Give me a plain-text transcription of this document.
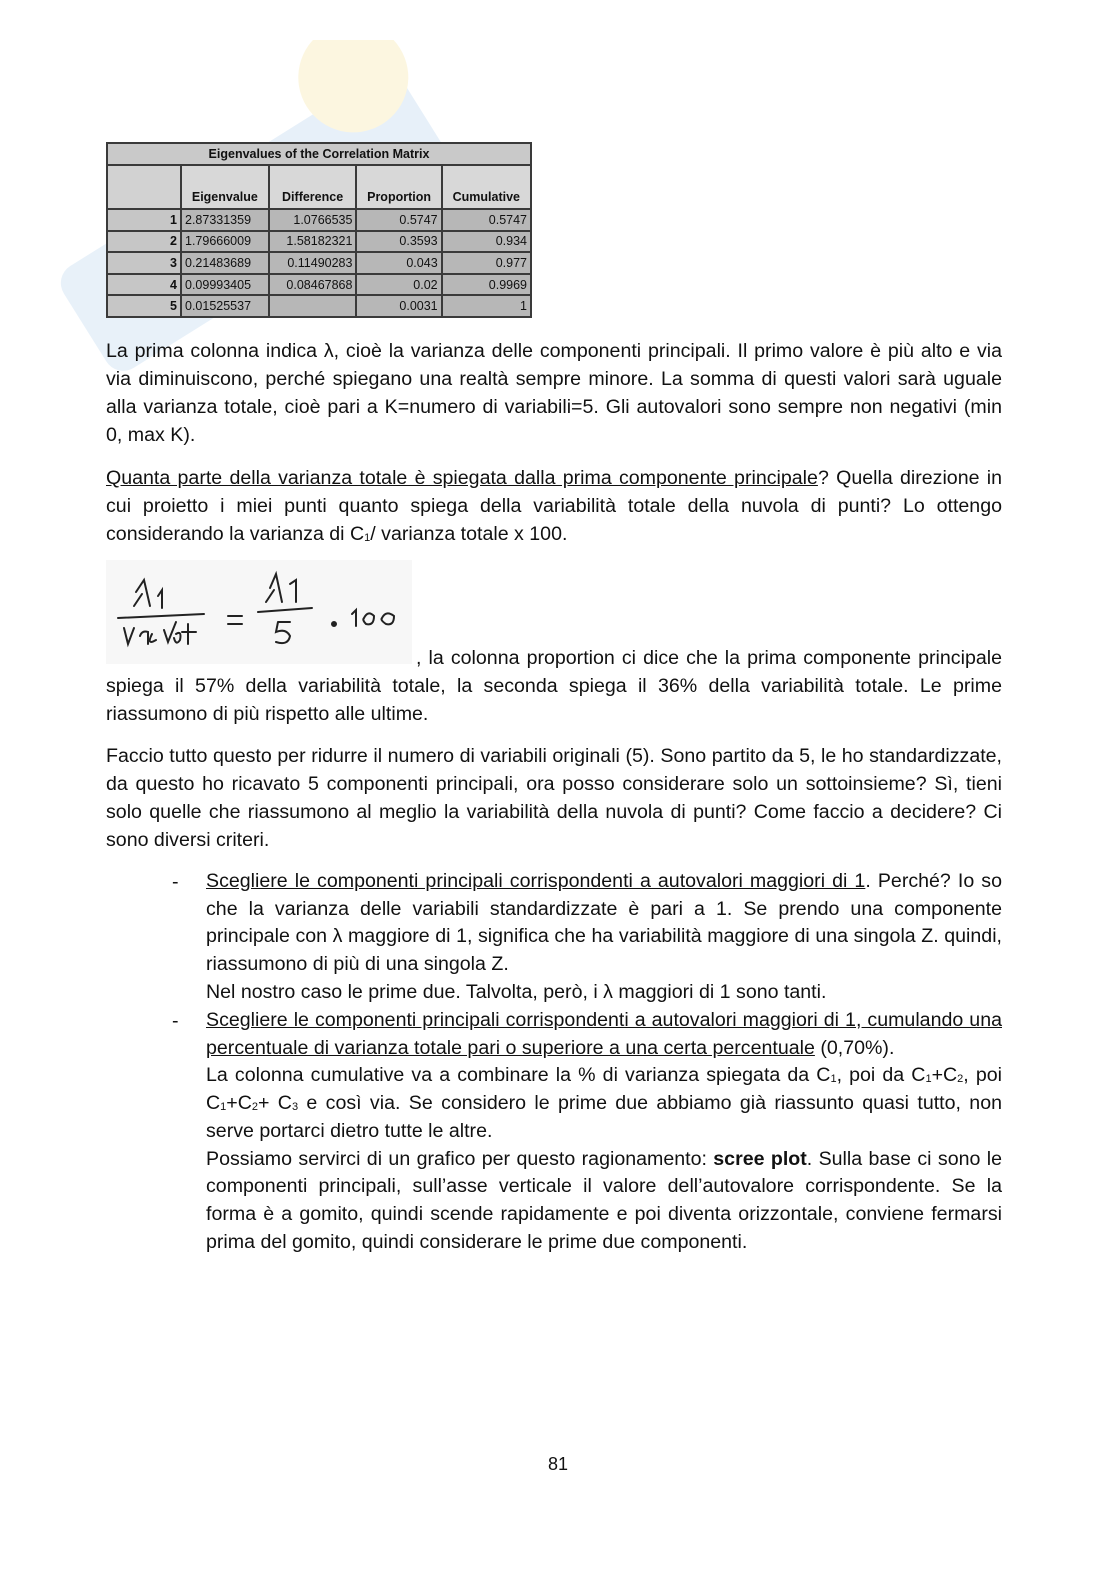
Eigenvalues of the Correlation Matrix				
	Eigenvalue	Difference	Proportion	Cumulative
1	2.87331359	1.0766535	0.5747	0.5747
2	1.79666009	1.58182321	0.3593	0.934
3	0.21483689	0.11490283	0.043	0.977
4	0.09993405	0.08467868	0.02	0.9969
5	0.01525537		0.0031	1

La prima colonna indica λ, cioè la varianza delle componenti principali. Il primo valore è più alto e via via diminuiscono, perché spiegano una realtà sempre minore. La somma di questi valori sarà uguale alla varianza totale, cioè pari a K=numero di variabili=5. Gli autovalori sono sempre non negativi (min 0, max K).

Quanta parte della varianza totale è spiegata dalla prima componente principale? Quella direzione in cui proietto i miei punti quanto spiega della variabilità totale della nuvola di punti? Lo ottengo considerando la varianza di $C_1/$ varianza totale x 100.

, la colonna proportion ci dice che la prima componente principale spiega il 57% della variabilità totale, la seconda spiega il 36% della variabilità totale. Le prime riassumono di più rispetto alle ultime.

Faccio tutto questo per ridurre il numero di variabili originali (5). Sono partito da 5, le ho standardizzate, da questo ho ricavato 5 componenti principali, ora posso considerare solo un sottoinsieme? Sì, tieni solo quelle che riassumono al meglio la variabilità della nuvola di punti? Come faccio a decidere? Ci sono diversi criteri.

- Scegliere le componenti principali corrispondenti a autovalori maggiori di 1. Perché? Io so che la varianza delle variabili standardizzate è pari a 1. Se prendo una componente principale con λ maggiore di 1, significa che ha variabilità maggiore di una singola Z. quindi, riassumono di più di una singola Z.
Nel nostro caso le prime due. Talvolta, però, i λ maggiori di 1 sono tanti.

- Scegliere le componenti principali corrispondenti a autovalori maggiori di 1, cumulando una percentuale di varianza totale pari o superiore a una certa percentuale (0,70%).
La colonna cumulative va a combinare la % di varianza spiegata da $C_1$, poi da $C_1+C_2$, poi $C_1+C_2+ C_3$ e così via. Se considero le prime due abbiamo già riassunto quasi tutto, non serve portarci dietro tutte le altre.
Possiamo servirci di un grafico per questo ragionamento: scree plot. Sulla base ci sono le componenti principali, sull’asse verticale il valore dell’autovalore corrispondente. Se la forma è a gomito, quindi scende rapidamente e poi diventa orizzontale, conviene fermarsi prima del gomito, quindi considerare le prime due componenti.

81
